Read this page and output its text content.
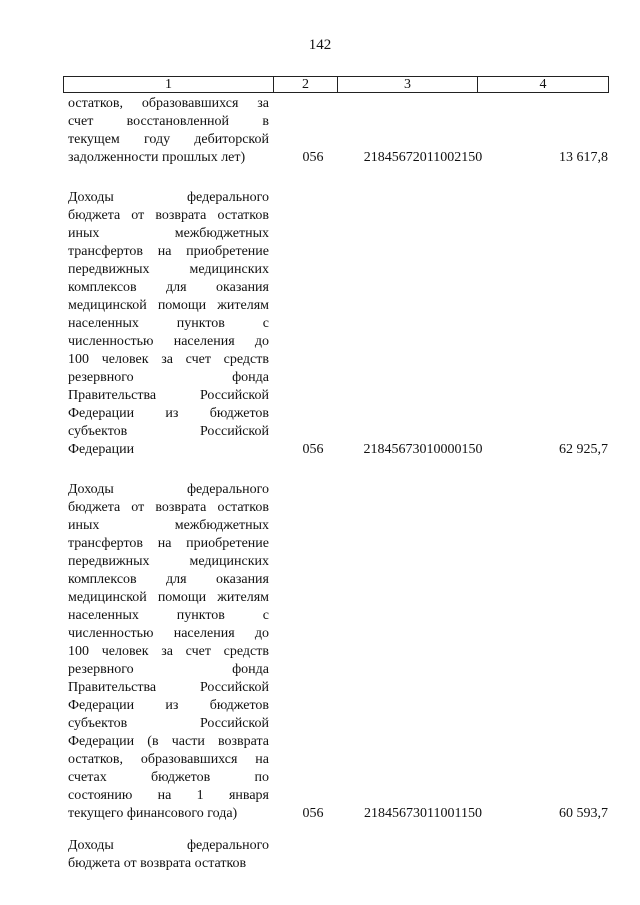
142
1	2	3	4
остатков, образовавшихся за
счет восстановленной в
текущем году дебиторской
задолженности прошлых лет)	056	21845672011002150	13 617,8
Доходы федерального
бюджета от возврата остатков
иных межбюджетных
трансфертов на приобретение
передвижных медицинских
комплексов для оказания
медицинской помощи жителям
населенных пунктов с
численностью населения до
100 человек за счет средств
резервного фонда
Правительства Российской
Федерации из бюджетов
субъектов Российской
Федерации	056	21845673010000150	62 925,7
Доходы федерального
бюджета от возврата остатков
иных межбюджетных
трансфертов на приобретение
передвижных медицинских
комплексов для оказания
медицинской помощи жителям
населенных пунктов с
численностью населения до
100 человек за счет средств
резервного фонда
Правительства Российской
Федерации из бюджетов
субъектов Российской
Федерации (в части возврата
остатков, образовавшихся на
счетах бюджетов по
состоянию на 1 января
текущего финансового года)	056	21845673011001150	60 593,7
Доходы федерального
бюджета от возврата остатков
